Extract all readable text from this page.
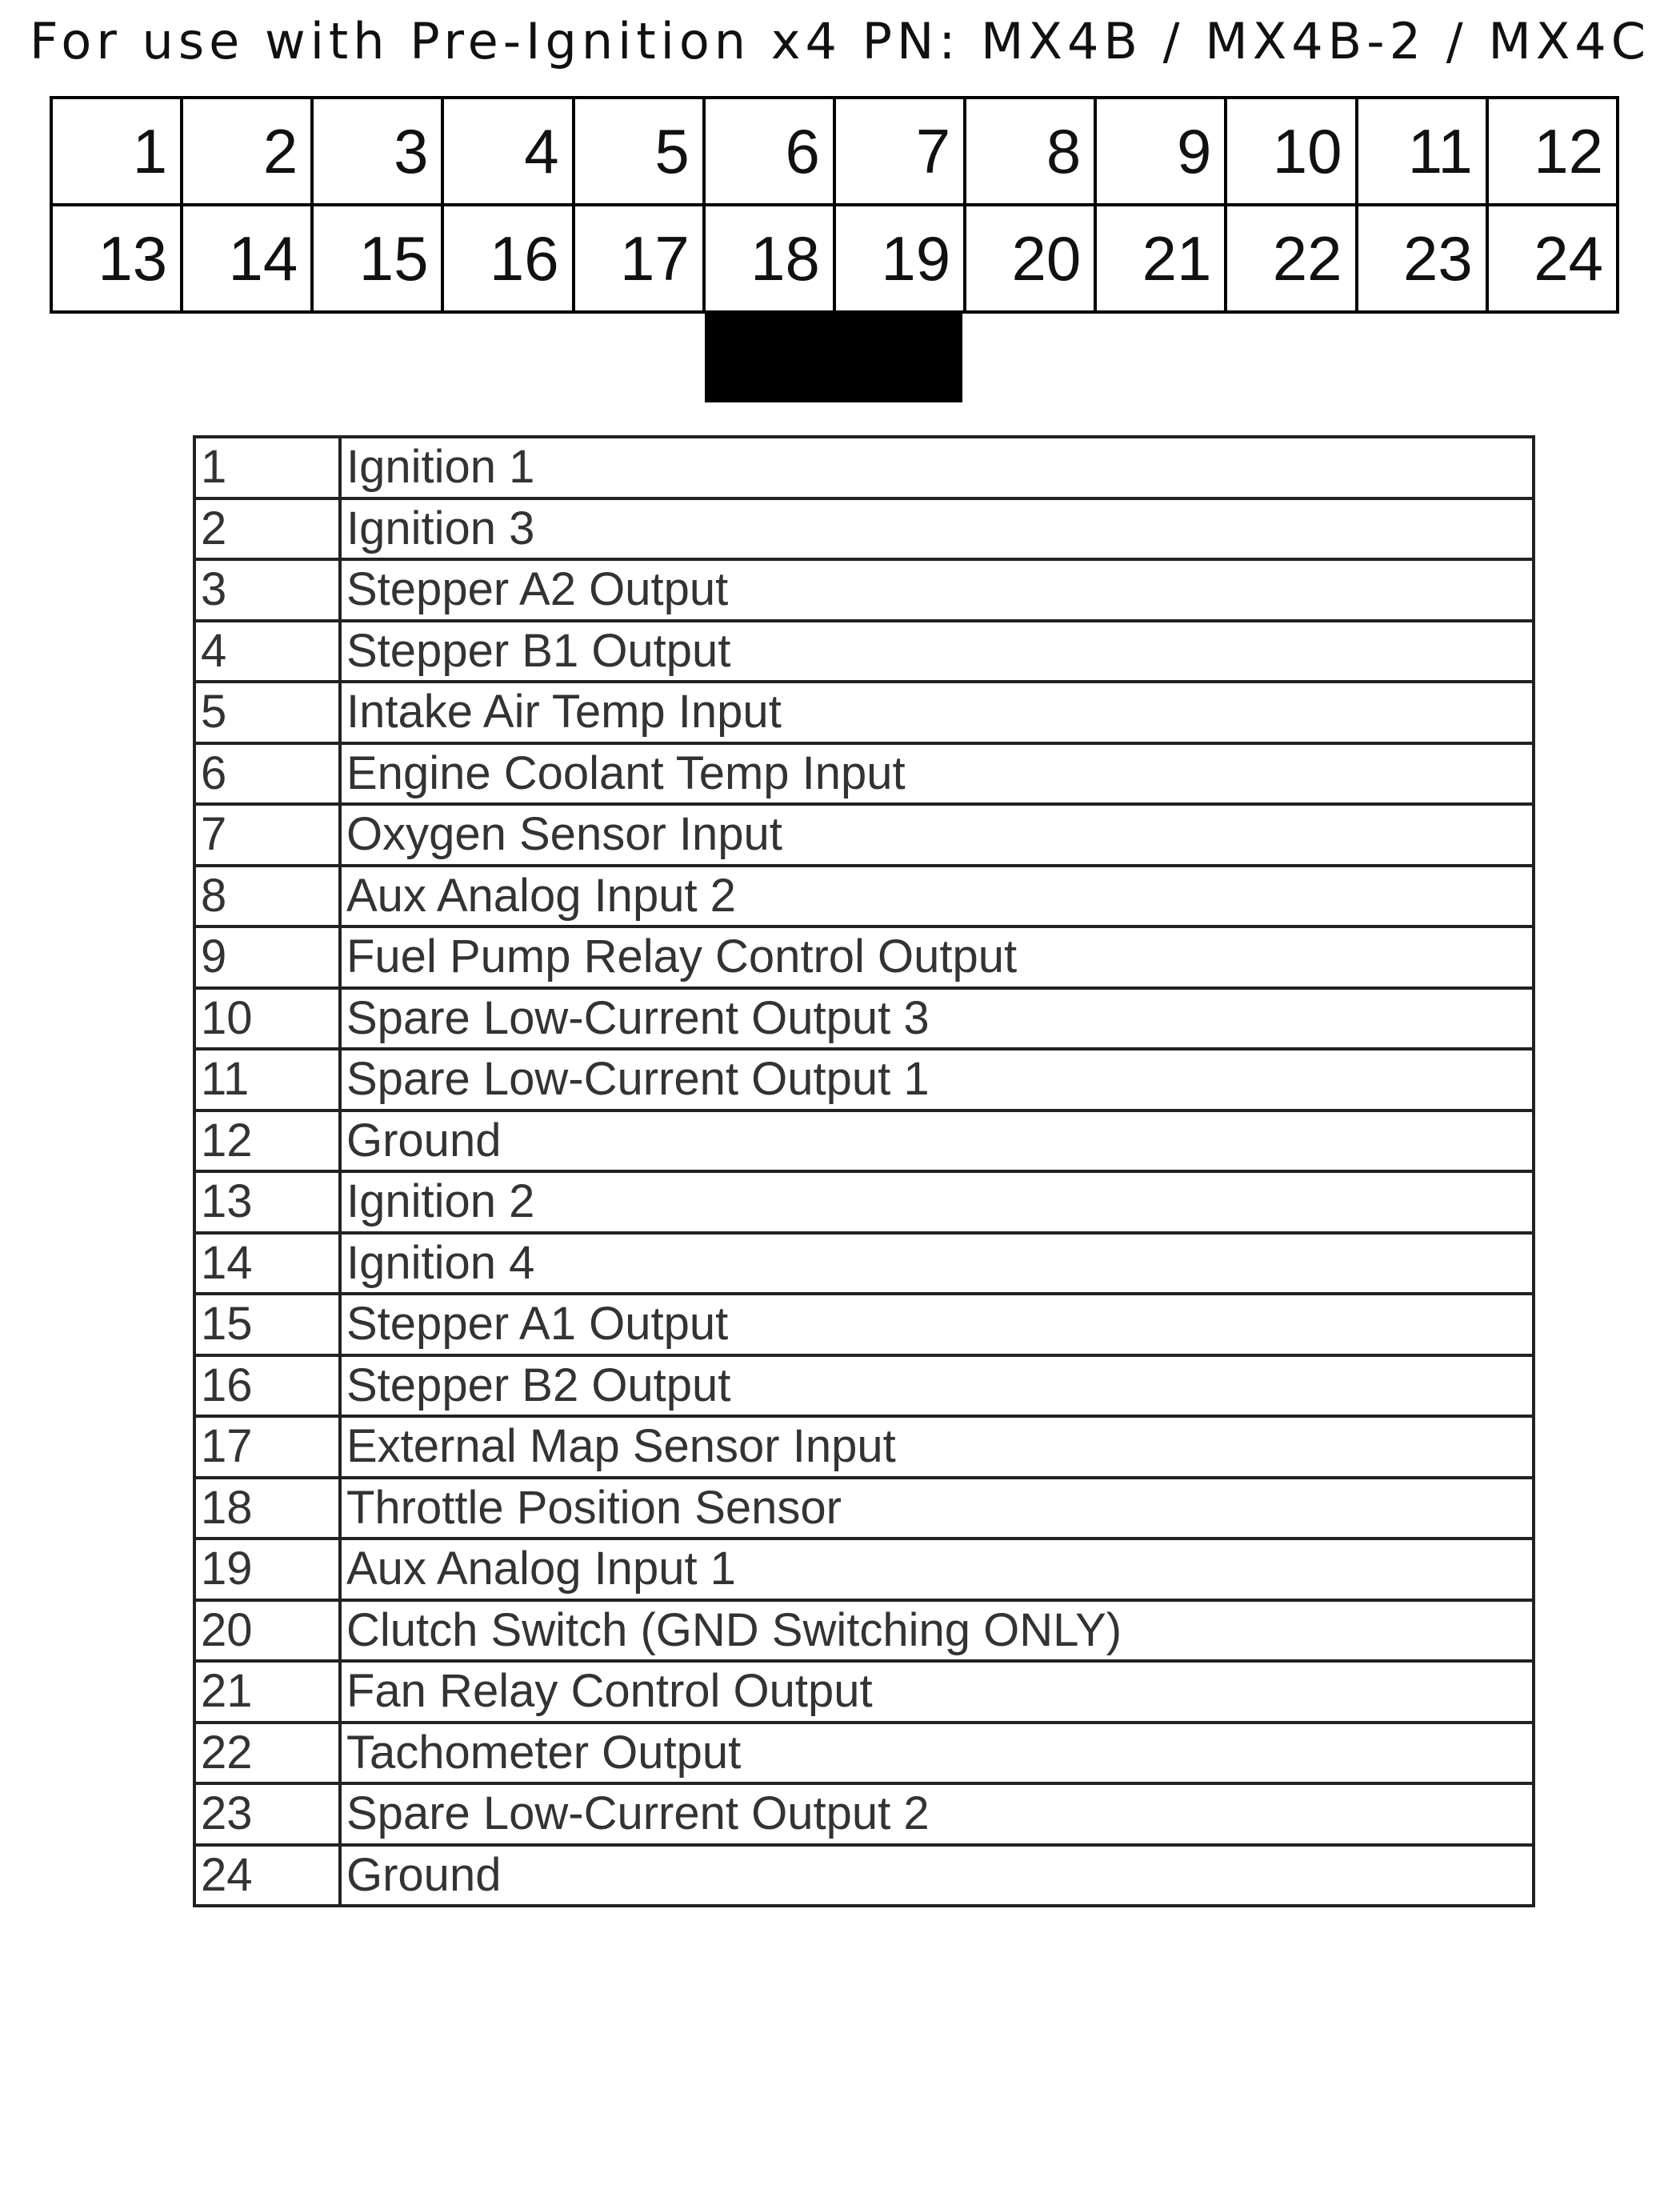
For use with Pre-Ignition x4 PN: MX4B / MX4B-2 / MX4C
1	2	3	4	5	6	7	8	9	10	11	12
13	14	15	16	17	18	19	20	21	22	23	24
1	Ignition 1
2	Ignition 3
3	Stepper A2 Output
4	Stepper B1 Output
5	Intake Air Temp Input
6	Engine Coolant Temp Input
7	Oxygen Sensor Input
8	Aux Analog Input 2
9	Fuel Pump Relay Control Output
10	Spare Low-Current Output 3
11	Spare Low-Current Output 1
12	Ground
13	Ignition 2
14	Ignition 4
15	Stepper A1 Output
16	Stepper B2 Output
17	External Map Sensor Input
18	Throttle Position Sensor
19	Aux Analog Input 1
20	Clutch Switch (GND Switching ONLY)
21	Fan Relay Control Output
22	Tachometer Output
23	Spare Low-Current Output 2
24	Ground
